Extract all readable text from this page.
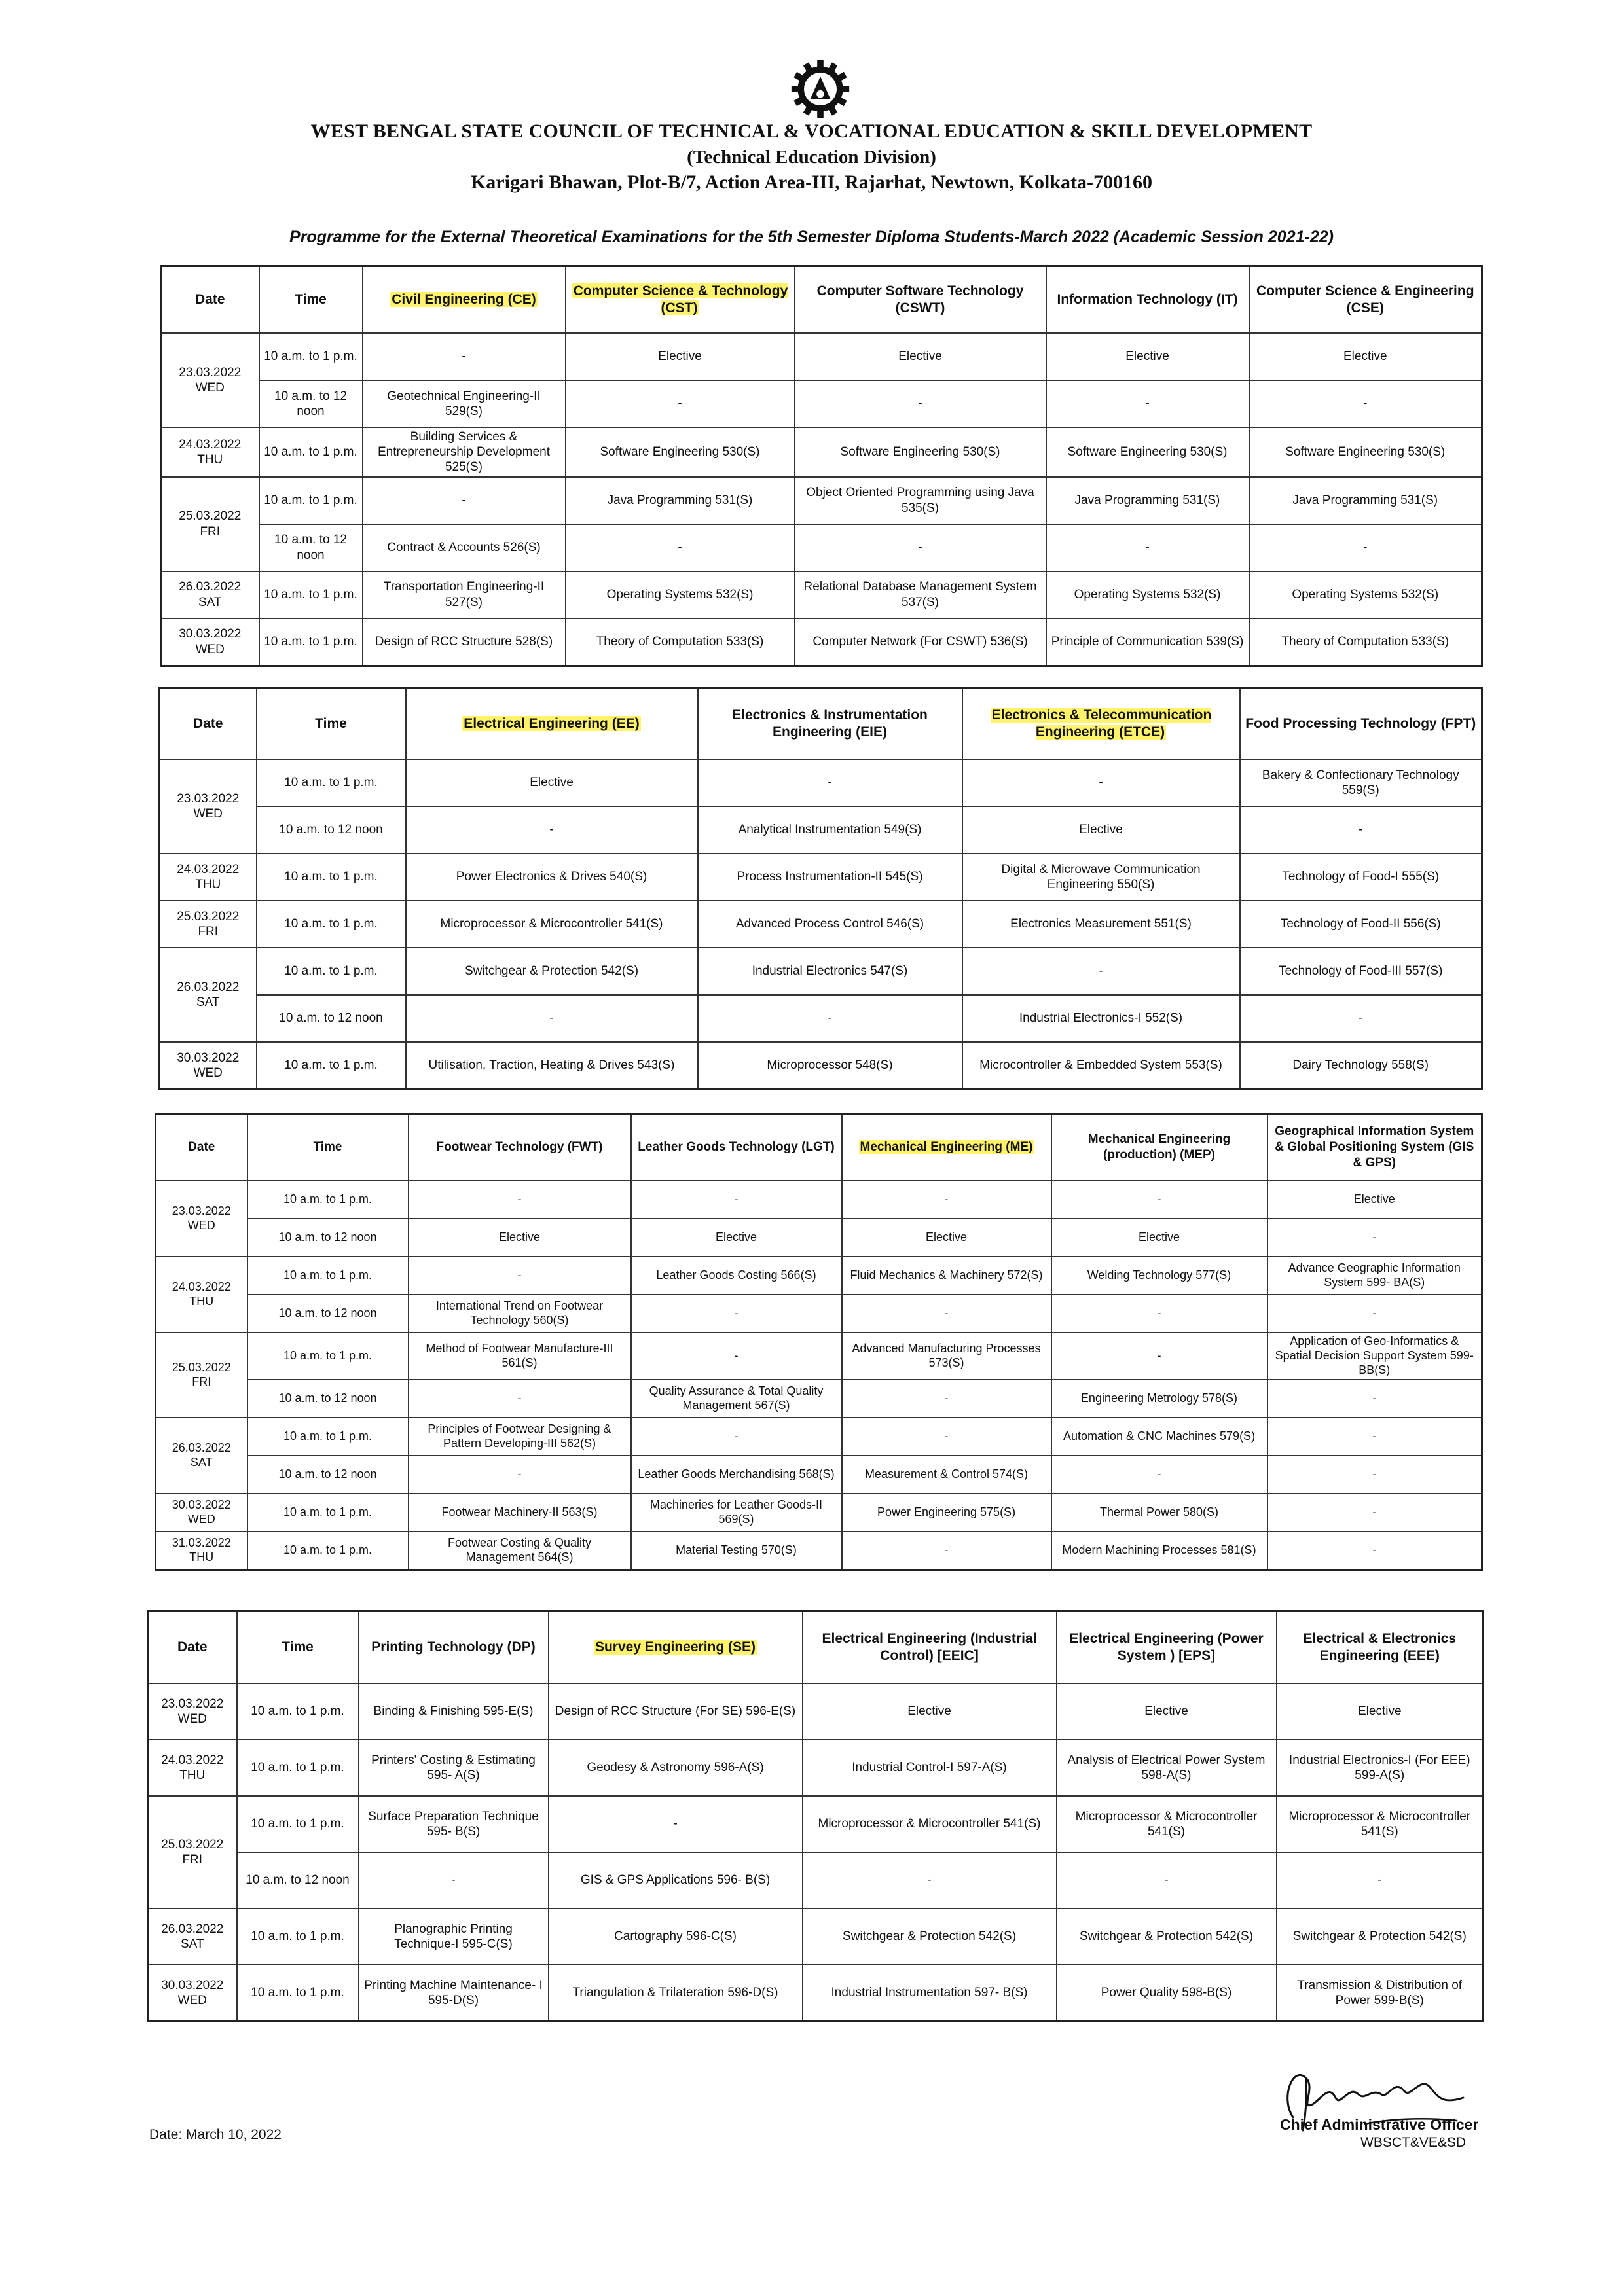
WEST BENGAL STATE COUNCIL OF TECHNICAL & VOCATIONAL EDUCATION & SKILL DEVELOPMENT
(Technical Education Division)
Karigari Bhawan, Plot-B/7, Action Area-III, Rajarhat, Newtown, Kolkata-700160
Programme for the External Theoretical Examinations for the 5th Semester Diploma Students-March 2022 (Academic Session 2021-22)
Date	Time	Civil Engineering (CE)	Computer Science & Technology (CST)	Computer Software Technology (CSWT)	Information Technology (IT)	Computer Science & Engineering (CSE)

23.03.2022
WED	10 a.m. to 1 p.m.	-	Elective	Elective	Elective	Elective
	10 a.m. to 12 noon	Geotechnical Engineering-II 529(S)	-	-	-	-

24.03.2022
THU	10 a.m. to 1 p.m.	Building Services & Entrepreneurship Development 525(S)	Software Engineering 530(S)	Software Engineering 530(S)	Software Engineering 530(S)	Software Engineering 530(S)

25.03.2022
FRI	10 a.m. to 1 p.m.	-	Java Programming 531(S)	Object Oriented Programming using Java 535(S)	Java Programming 531(S)	Java Programming 531(S)
	10 a.m. to 12 noon	Contract & Accounts 526(S)	-	-	-	-

26.03.2022
SAT	10 a.m. to 1 p.m.	Transportation Engineering-II 527(S)	Operating Systems 532(S)	Relational Database Management System 537(S)	Operating Systems 532(S)	Operating Systems 532(S)

30.03.2022
WED	10 a.m. to 1 p.m.	Design of RCC Structure 528(S)	Theory of Computation 533(S)	Computer Network (For CSWT) 536(S)	Principle of Communication 539(S)	Theory of Computation 533(S)
Date	Time	Electrical Engineering (EE)	Electronics & Instrumentation Engineering (EIE)	Electronics & Telecommunication Engineering (ETCE)	Food Processing Technology (FPT)

23.03.2022
WED	10 a.m. to 1 p.m.	Elective	-	-	Bakery & Confectionary Technology 559(S)
	10 a.m. to 12 noon	-	Analytical Instrumentation 549(S)	Elective	-

24.03.2022
THU	10 a.m. to 1 p.m.	Power Electronics & Drives 540(S)	Process Instrumentation-II 545(S)	Digital & Microwave Communication Engineering 550(S)	Technology of Food-I 555(S)

25.03.2022
FRI	10 a.m. to 1 p.m.	Microprocessor & Microcontroller 541(S)	Advanced Process Control 546(S)	Electronics Measurement 551(S)	Technology of Food-II 556(S)

26.03.2022
SAT	10 a.m. to 1 p.m.	Switchgear & Protection 542(S)	Industrial Electronics 547(S)	-	Technology of Food-III 557(S)
	10 a.m. to 12 noon	-	-	Industrial Electronics-I 552(S)	-

30.03.2022
WED	10 a.m. to 1 p.m.	Utilisation, Traction, Heating & Drives 543(S)	Microprocessor 548(S)	Microcontroller & Embedded System 553(S)	Dairy Technology 558(S)
Date	Time	Footwear Technology (FWT)	Leather Goods Technology (LGT)	Mechanical Engineering (ME)	Mechanical Engineering (production) (MEP)	Geographical Information System & Global Positioning System (GIS & GPS)

23.03.2022
WED	10 a.m. to 1 p.m.	-	-	-	-	Elective
	10 a.m. to 12 noon	Elective	Elective	Elective	Elective	-

24.03.2022
THU	10 a.m. to 1 p.m.	-	Leather Goods Costing 566(S)	Fluid Mechanics & Machinery 572(S)	Welding Technology 577(S)	Advance Geographic Information System 599- BA(S)
	10 a.m. to 12 noon	International Trend on Footwear Technology 560(S)	-	-	-	-

25.03.2022
FRI	10 a.m. to 1 p.m.	Method of Footwear Manufacture-III 561(S)	-	Advanced Manufacturing Processes 573(S)	-	Application of Geo-Informatics & Spatial Decision Support System 599-BB(S)
	10 a.m. to 12 noon	-	Quality Assurance & Total Quality Management 567(S)	-	Engineering Metrology 578(S)	-

26.03.2022
SAT	10 a.m. to 1 p.m.	Principles of Footwear Designing & Pattern Developing-III 562(S)	-	-	Automation & CNC Machines 579(S)	-
	10 a.m. to 12 noon	-	Leather Goods Merchandising 568(S)	Measurement & Control 574(S)	-	-

30.03.2022
WED	10 a.m. to 1 p.m.	Footwear Machinery-II 563(S)	Machineries for Leather Goods-II 569(S)	Power Engineering 575(S)	Thermal Power 580(S)	-

31.03.2022
THU	10 a.m. to 1 p.m.	Footwear Costing & Quality Management 564(S)	Material Testing 570(S)	-	Modern Machining Processes 581(S)	-
Date	Time	Printing Technology (DP)	Survey Engineering (SE)	Electrical Engineering (Industrial Control) [EEIC]	Electrical Engineering (Power System ) [EPS]	Electrical & Electronics Engineering (EEE)

23.03.2022
WED	10 a.m. to 1 p.m.	Binding & Finishing 595-E(S)	Design of RCC Structure (For SE) 596-E(S)	Elective	Elective	Elective

24.03.2022
THU	10 a.m. to 1 p.m.	Printers' Costing & Estimating 595- A(S)	Geodesy & Astronomy 596-A(S)	Industrial Control-I 597-A(S)	Analysis of Electrical Power System 598-A(S)	Industrial Electronics-I (For EEE) 599-A(S)

25.03.2022
FRI	10 a.m. to 1 p.m.	Surface Preparation Technique 595- B(S)	-	Microprocessor & Microcontroller 541(S)	Microprocessor & Microcontroller 541(S)	Microprocessor & Microcontroller 541(S)
	10 a.m. to 12 noon	-	GIS & GPS Applications 596- B(S)	-	-	-

26.03.2022
SAT	10 a.m. to 1 p.m.	Planographic Printing Technique-I 595-C(S)	Cartography 596-C(S)	Switchgear & Protection 542(S)	Switchgear & Protection 542(S)	Switchgear & Protection 542(S)

30.03.2022
WED	10 a.m. to 1 p.m.	Printing Machine Maintenance- I 595-D(S)	Triangulation & Trilateration 596-D(S)	Industrial Instrumentation 597- B(S)	Power Quality 598-B(S)	Transmission & Distribution of Power 599-B(S)
Date: March 10, 2022
Chief Administrative Officer
WBSCT&VE&SD
